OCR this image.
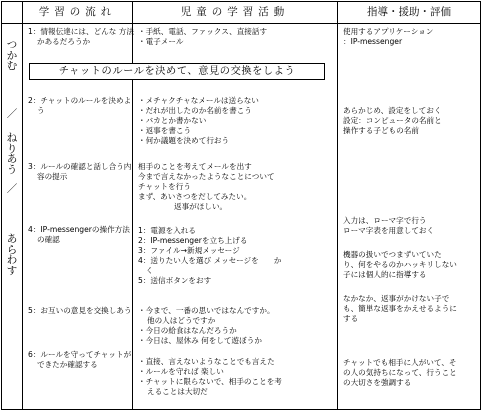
学習の流れ	児童の学習活動	指導・援助・評価
つ
か
む
／
ね
り
あ
う
／
あ
ら
わ
す
チャットのルールを決めて、意見の交換をしよう

1：情報伝達には、どんな 方法

かあるだろうか

2：チャットのルールを決めよ

う

3：ルールの確認と話し合う内

容の提示

4：IP-messengerの操作方法

の確認

5：お互いの意見を交換しあう

6：ルールを守ってチャットが

できたか確認する

・手紙、電話、ファックス、直接話す

・電子メール

・メチャクチャなメールは送らない

・だれが出したのか名前を書こう

・バカとか書かない

・返事を書こう

・何か議題を決めて行おう

相手のことを考えてメールを出す

今まで言えなかったようなことについて

チャットを行う

まず、あいさつをだしてみたい。

返事がほしい。

1：電源を入れる

2：IP-messengerを立ち上げる

3：ファイル→新規メッセージ

4：送りたい人を選び メッセージを　　か

　く

5：送信ボタンをおす

・今まで、一番の思いではなんですか。

他の人はどうですか

・今日の給食はなんだろうか

・今日は、屋休み 何をして遊ぼうか

・直接、言えないようなことでも言えた

・ルールを守れば 楽しい

・チャットに限らないで、相手のことを考

えることは大切だ

使用するアプリケーション

：IP-messenger

あらかじめ、設定をしておく

設定：コンピュータの名前と

操作する子どもの名前

入力は、ローマ字で行う

ローマ字表を用意しておく

機器の扱いでつまずいていた

り、何をやるのかハッキリしない

子には個人的に指導する

なかなか、返事がかけない子で

も、簡単な返事をかえせるように

する

チャットでも相手に人がいて、そ

の人の気持ちになって、行うこと

の大切さを強調する
